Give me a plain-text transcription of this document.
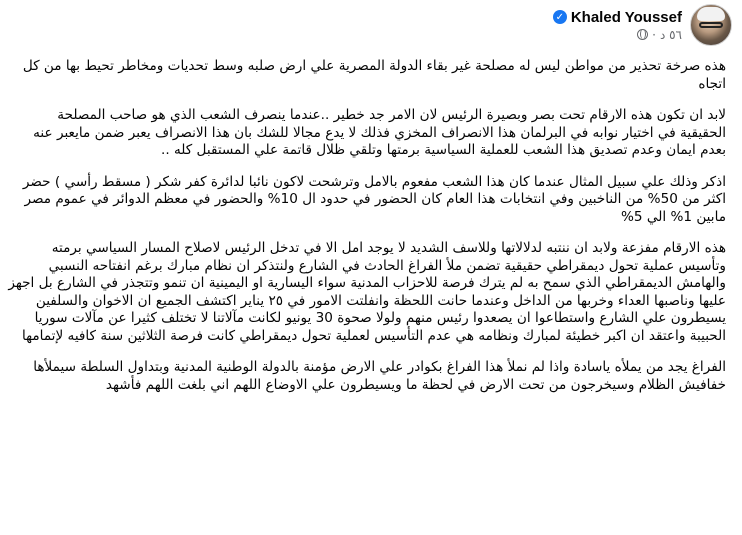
✓ Khaled Youssef
· ٥٦ د

هذه صرخة تحذير من مواطن ليس له مصلحة غير بقاء الدولة المصرية علي ارض صلبه وسط تحديات ومخاطر تحيط بها من كل اتجاه

لابد ان تكون هذه الارقام تحت بصر وبصيرة الرئيس لان الامر جد خطير ..عندما ينصرف الشعب الذي هو صاحب المصلحة الحقيقية في اختيار نوابه في البرلمان هذا الانصراف المخزي فذلك لا يدع مجالا للشك بان هذا الانصراف يعبر ضمن مايعبر عنه بعدم ايمان وعدم تصديق هذا الشعب للعملية السياسية برمتها وتلقي ظلال قاتمة علي المستقبل كله ..

اذكر وذلك علي سبيل المثال عندما كان هذا الشعب مفعوم بالامل وترشحت لاكون نائبا لدائرة كفر شكر ( مسقط رأسي ) حضر اكثر من 50% من الناخبين وفي انتخابات هذا العام كان الحضور في حدود ال 10% والحضور في معظم الدوائر في عموم مصر مابين 1% الي 5%

هذه الارقام مفزعة ولابد ان ننتبه لدلالاتها وللاسف الشديد لا يوجد امل الا في تدخل الرئيس لاصلاح المسار السياسي برمته وتأسيس عملية تحول ديمقراطي حقيقية تضمن ملأ الفراغ الحادث في الشارع ولنتذكر ان نظام مبارك برغم انفتاحه النسبي والهامش الديمقراطي الذي سمح به لم يترك فرصة للاحزاب المدنية سواء اليسارية او اليمينية ان تنمو وتتجذر في الشارع بل اجهز عليها وناصبها العداء وخربها من الداخل وعندما حانت اللحظة وانفلتت الامور في ٢٥ يناير اكتشف الجميع ان الاخوان والسلفين يسيطرون علي الشارع واستطاعوا ان يصعدوا رئيس منهم ولولا صحوة 30 يونيو لكانت مآلاتنا لا تختلف كثيرا عن مآلات سوريا الحبيبة واعتقد ان اكبر خطيئة لمبارك ونظامه هي عدم التأسيس لعملية تحول ديمقراطي كانت فرصة الثلاثين سنة كافيه لإتمامها

الفراغ يجد من يملأه ياسادة واذا لم نملأ هذا الفراغ بكوادر علي الارض مؤمنة بالدولة الوطنية المدنية وبتداول السلطة سيملأها خفافيش الظلام وسيخرجون من تحت الارض في لحظة ما ويسيطرون علي الاوضاع اللهم اني بلغت اللهم فأشهد
